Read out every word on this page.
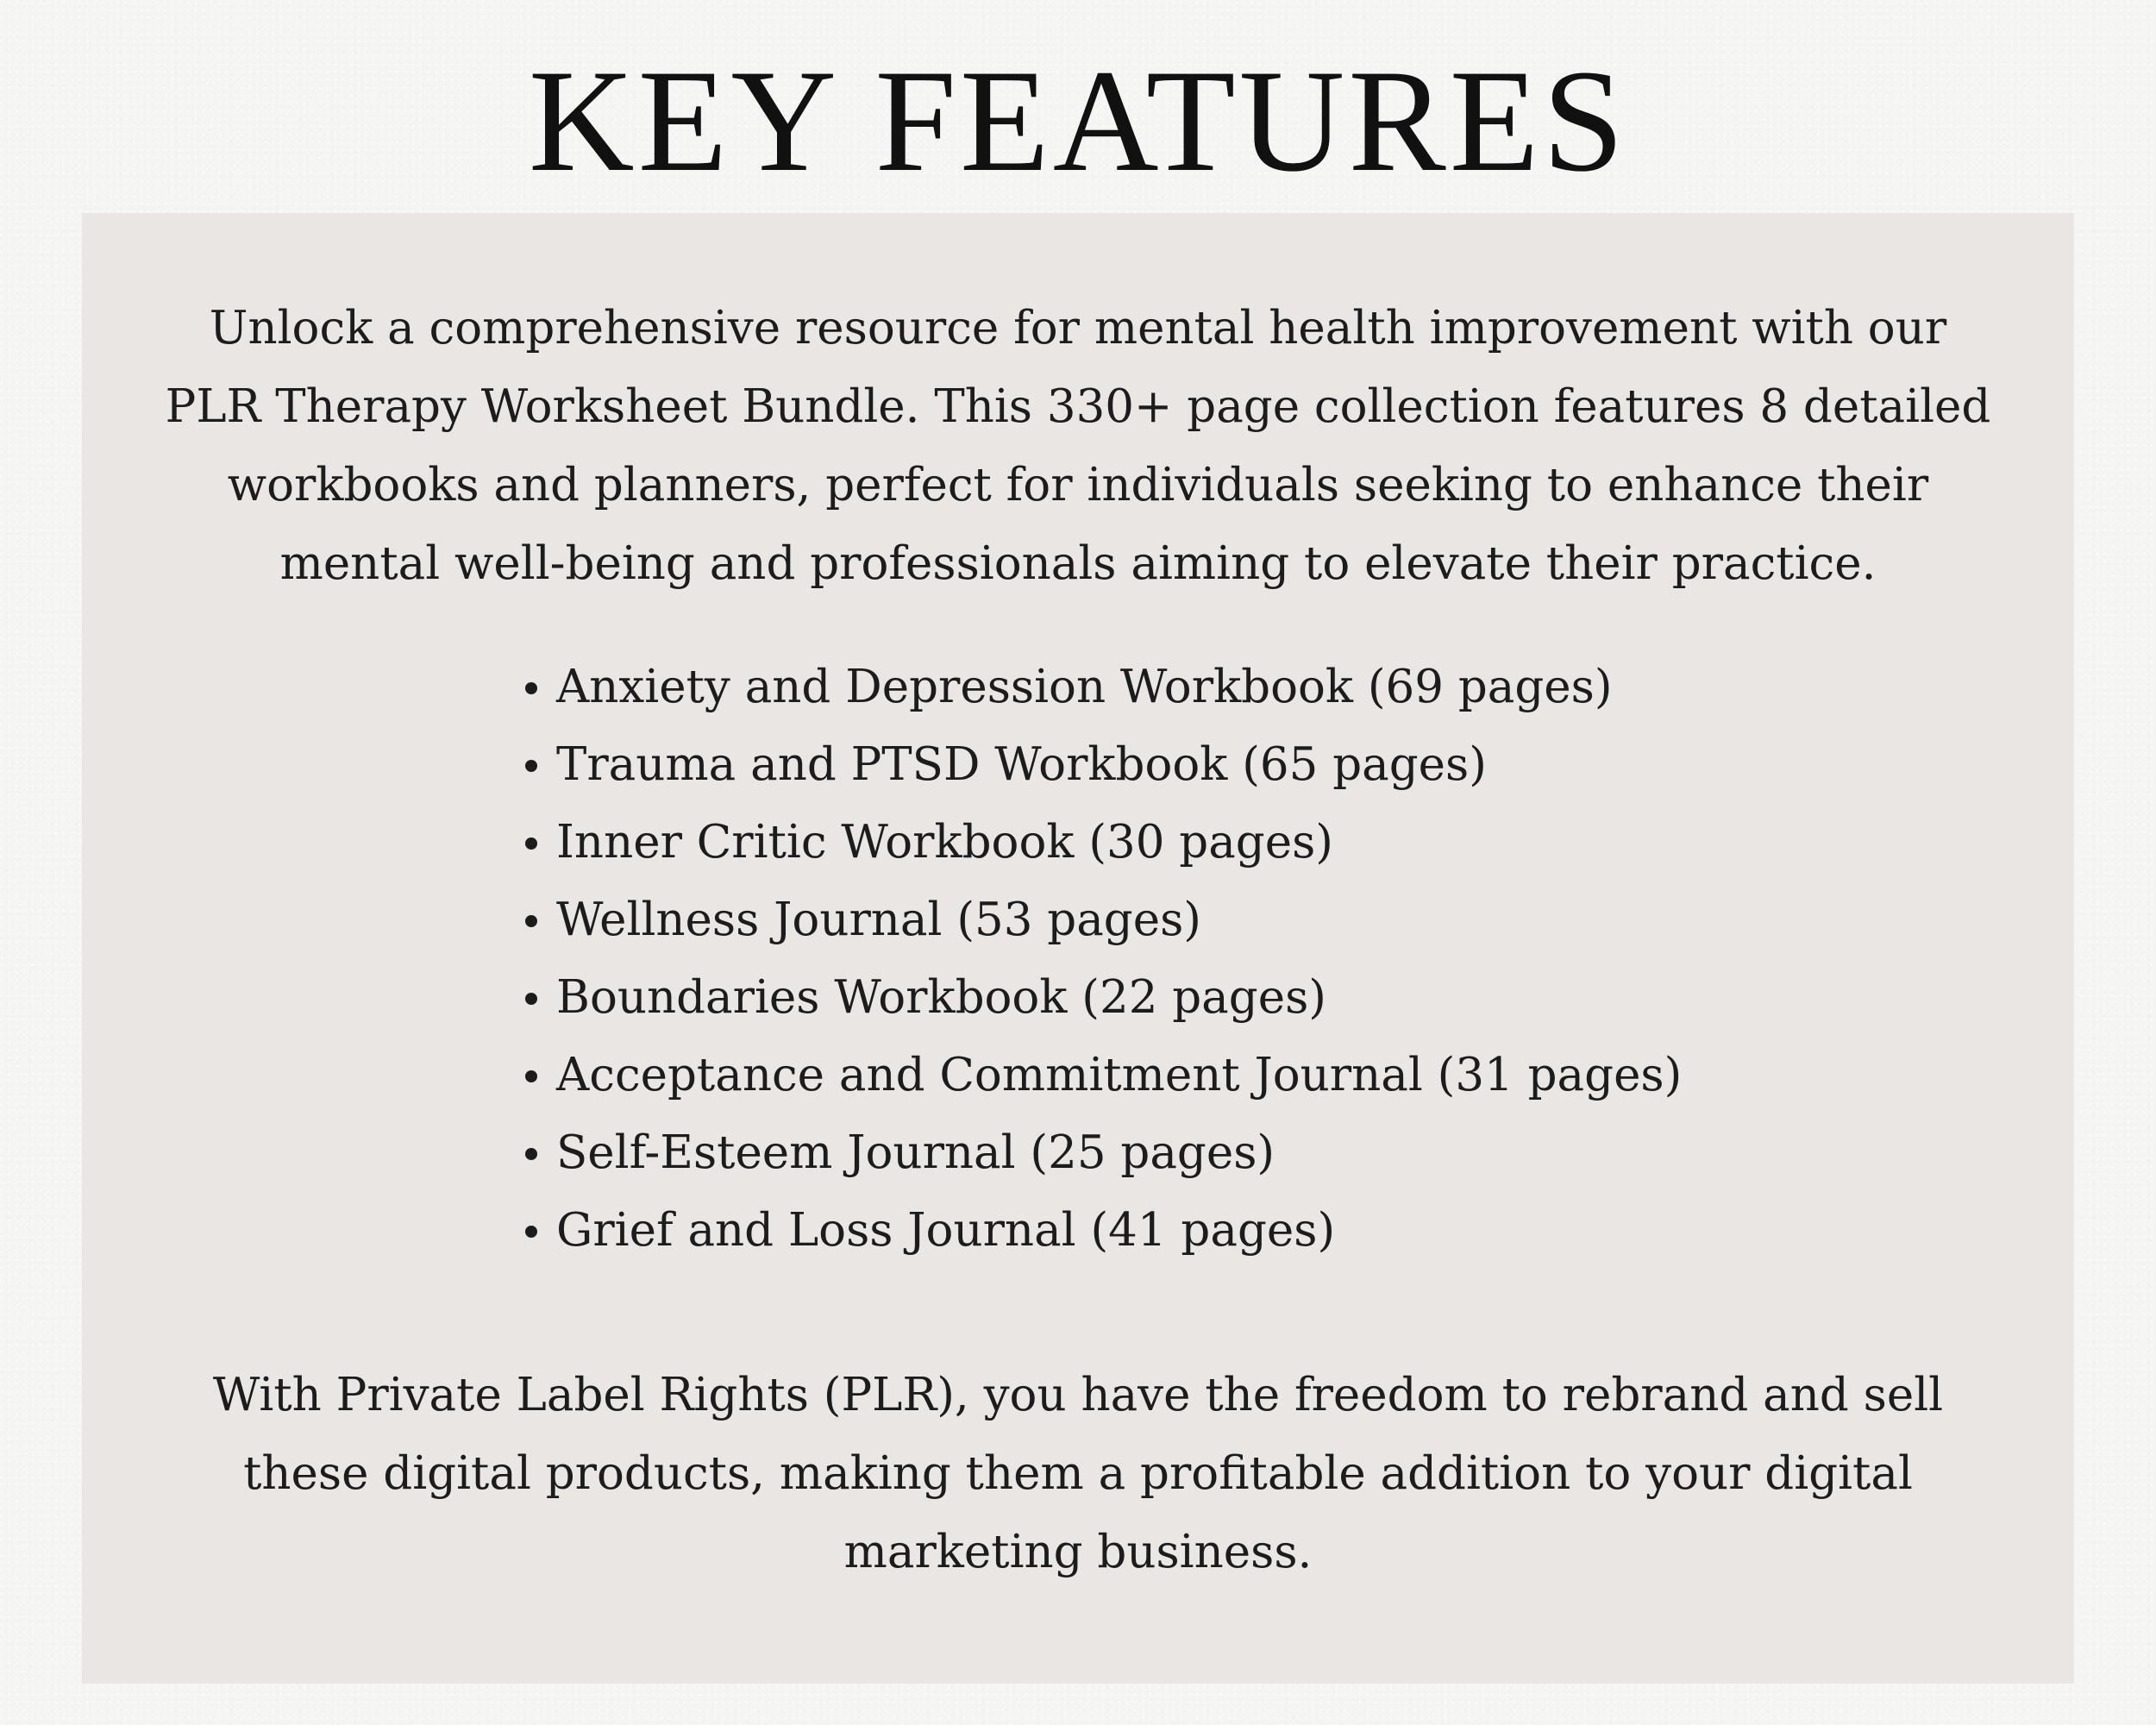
KEY FEATURES

Unlock a comprehensive resource for mental health improvement with our PLR Therapy Worksheet Bundle. This 330+ page collection features 8 detailed workbooks and planners, perfect for individuals seeking to enhance their mental well-being and professionals aiming to elevate their practice.

Anxiety and Depression Workbook (69 pages)
Trauma and PTSD Workbook (65 pages)
Inner Critic Workbook (30 pages)
Wellness Journal (53 pages)
Boundaries Workbook (22 pages)
Acceptance and Commitment Journal (31 pages)
Self-Esteem Journal (25 pages)
Grief and Loss Journal (41 pages)

With Private Label Rights (PLR), you have the freedom to rebrand and sell these digital products, making them a profitable addition to your digital marketing business.
